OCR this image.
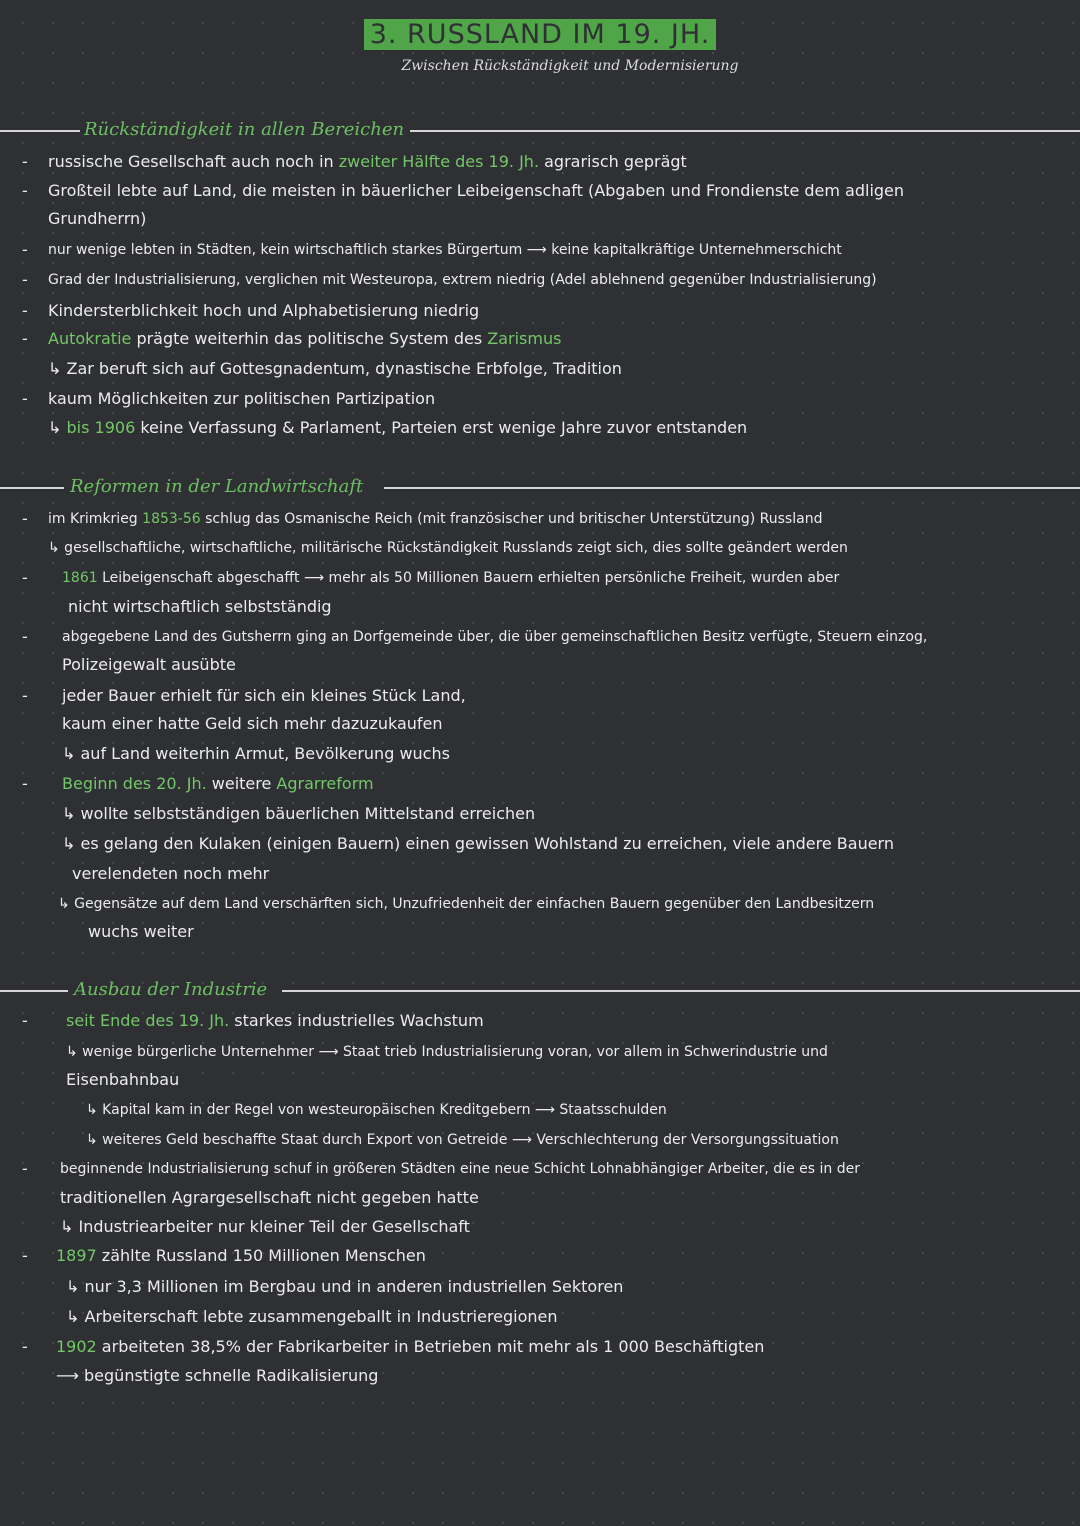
3. RUSSLAND IM 19. JH.
Zwischen Rückständigkeit und Modernisierung
Rückständigkeit in allen Bereichen
- russische Gesellschaft auch noch in zweiter Hälfte des 19. Jh. agrarisch geprägt
- Großteil lebte auf Land, die meisten in bäuerlicher Leibeigenschaft (Abgaben und Frondienste dem adligen
Grundherrn)
- nur wenige lebten in Städten, kein wirtschaftlich starkes Bürgertum ⟶ keine kapitalkräftige Unternehmerschicht
- Grad der Industrialisierung, verglichen mit Westeuropa, extrem niedrig (Adel ablehnend gegenüber Industrialisierung)
- Kindersterblichkeit hoch und Alphabetisierung niedrig
- Autokratie prägte weiterhin das politische System des Zarismus
↳ Zar beruft sich auf Gottesgnadentum, dynastische Erbfolge, Tradition
- kaum Möglichkeiten zur politischen Partizipation
↳ bis 1906 keine Verfassung & Parlament, Parteien erst wenige Jahre zuvor entstanden
Reformen in der Landwirtschaft
- im Krimkrieg 1853-56 schlug das Osmanische Reich (mit französischer und britischer Unterstützung) Russland
↳ gesellschaftliche, wirtschaftliche, militärische Rückständigkeit Russlands zeigt sich, dies sollte geändert werden
- 1861 Leibeigenschaft abgeschafft ⟶ mehr als 50 Millionen Bauern erhielten persönliche Freiheit, wurden aber
nicht wirtschaftlich selbstständig
- abgegebene Land des Gutsherrn ging an Dorfgemeinde über, die über gemeinschaftlichen Besitz verfügte, Steuern einzog,
Polizeigewalt ausübte
- jeder Bauer erhielt für sich ein kleines Stück Land,
kaum einer hatte Geld sich mehr dazuzukaufen
↳ auf Land weiterhin Armut, Bevölkerung wuchs
- Beginn des 20. Jh. weitere Agrarreform
↳ wollte selbstständigen bäuerlichen Mittelstand erreichen
↳ es gelang den Kulaken (einigen Bauern) einen gewissen Wohlstand zu erreichen, viele andere Bauern
verelendeten noch mehr
↳ Gegensätze auf dem Land verschärften sich, Unzufriedenheit der einfachen Bauern gegenüber den Landbesitzern
wuchs weiter
Ausbau der Industrie
- seit Ende des 19. Jh. starkes industrielles Wachstum
↳ wenige bürgerliche Unternehmer ⟶ Staat trieb Industrialisierung voran, vor allem in Schwerindustrie und
Eisenbahnbau
↳ Kapital kam in der Regel von westeuropäischen Kreditgebern ⟶ Staatsschulden
↳ weiteres Geld beschaffte Staat durch Export von Getreide ⟶ Verschlechterung der Versorgungssituation
- beginnende Industrialisierung schuf in größeren Städten eine neue Schicht Lohnabhängiger Arbeiter, die es in der
traditionellen Agrargesellschaft nicht gegeben hatte
↳ Industriearbeiter nur kleiner Teil der Gesellschaft
- 1897 zählte Russland 150 Millionen Menschen
↳ nur 3,3 Millionen im Bergbau und in anderen industriellen Sektoren
↳ Arbeiterschaft lebte zusammengeballt in Industrieregionen
- 1902 arbeiteten 38,5% der Fabrikarbeiter in Betrieben mit mehr als 1 000 Beschäftigten
⟶ begünstigte schnelle Radikalisierung
